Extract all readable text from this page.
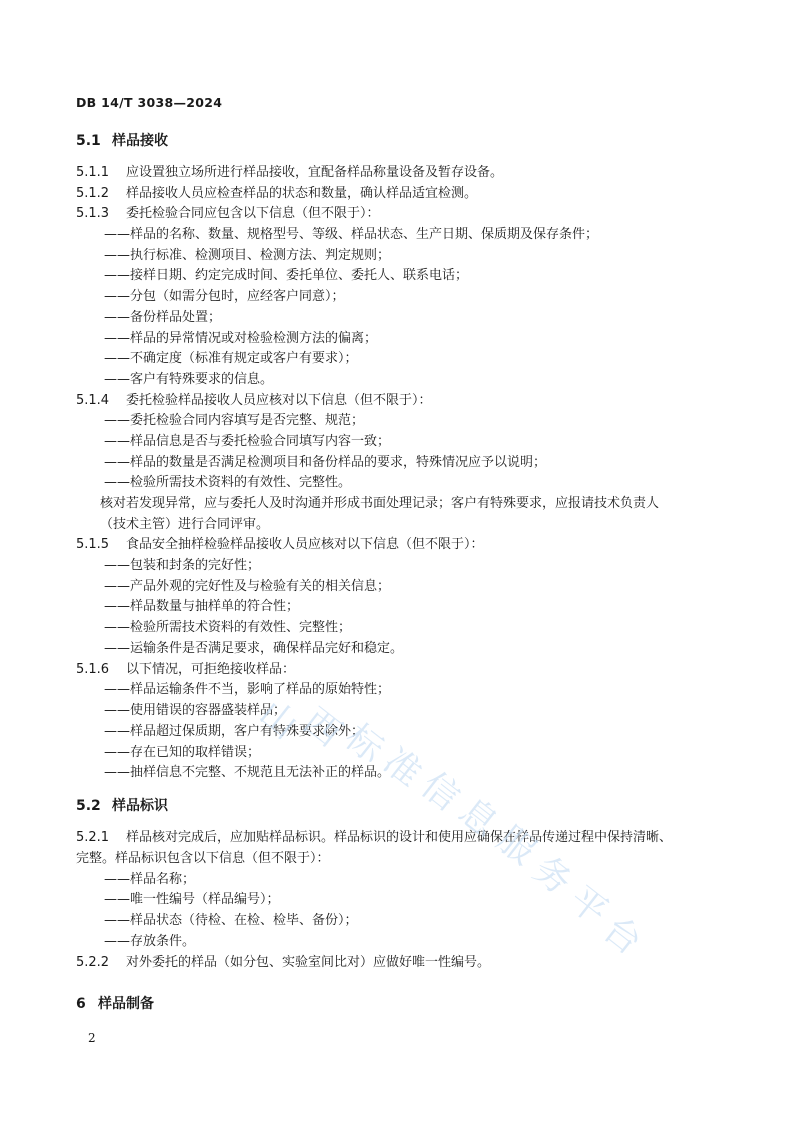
DB 14/T 3038—2024
5.1 样品接收
5.1.1 应设置独立场所进行样品接收，宜配备样品称量设备及暂存设备。
5.1.2 样品接收人员应检查样品的状态和数量，确认样品适宜检测。
5.1.3 委托检验合同应包含以下信息（但不限于）：
——样品的名称、数量、规格型号、等级、样品状态、生产日期、保质期及保存条件；
——执行标准、检测项目、检测方法、判定规则；
——接样日期、约定完成时间、委托单位、委托人、联系电话；
——分包（如需分包时，应经客户同意）；
——备份样品处置；
——样品的异常情况或对检验检测方法的偏离；
——不确定度（标准有规定或客户有要求）；
——客户有特殊要求的信息。
5.1.4 委托检验样品接收人员应核对以下信息（但不限于）：
——委托检验合同内容填写是否完整、规范；
——样品信息是否与委托检验合同填写内容一致；
——样品的数量是否满足检测项目和备份样品的要求，特殊情况应予以说明；
——检验所需技术资料的有效性、完整性。
核对若发现异常，应与委托人及时沟通并形成书面处理记录；客户有特殊要求，应报请技术负责人
（技术主管）进行合同评审。
5.1.5 食品安全抽样检验样品接收人员应核对以下信息（但不限于）：
——包装和封条的完好性；
——产品外观的完好性及与检验有关的相关信息；
——样品数量与抽样单的符合性；
——检验所需技术资料的有效性、完整性；
——运输条件是否满足要求，确保样品完好和稳定。
5.1.6 以下情况，可拒绝接收样品：
——样品运输条件不当，影响了样品的原始特性；
——使用错误的容器盛装样品；
——样品超过保质期，客户有特殊要求除外；
——存在已知的取样错误；
——抽样信息不完整、不规范且无法补正的样品。
5.2 样品标识
5.2.1 样品核对完成后，应加贴样品标识。样品标识的设计和使用应确保在样品传递过程中保持清晰、
完整。样品标识包含以下信息（但不限于）：
——样品名称；
——唯一性编号（样品编号）；
——样品状态（待检、在检、检毕、备份）；
——存放条件。
5.2.2 对外委托的样品（如分包、实验室间比对）应做好唯一性编号。
6 样品制备
2
山
西
标
准
信
息
服
务
平
台
